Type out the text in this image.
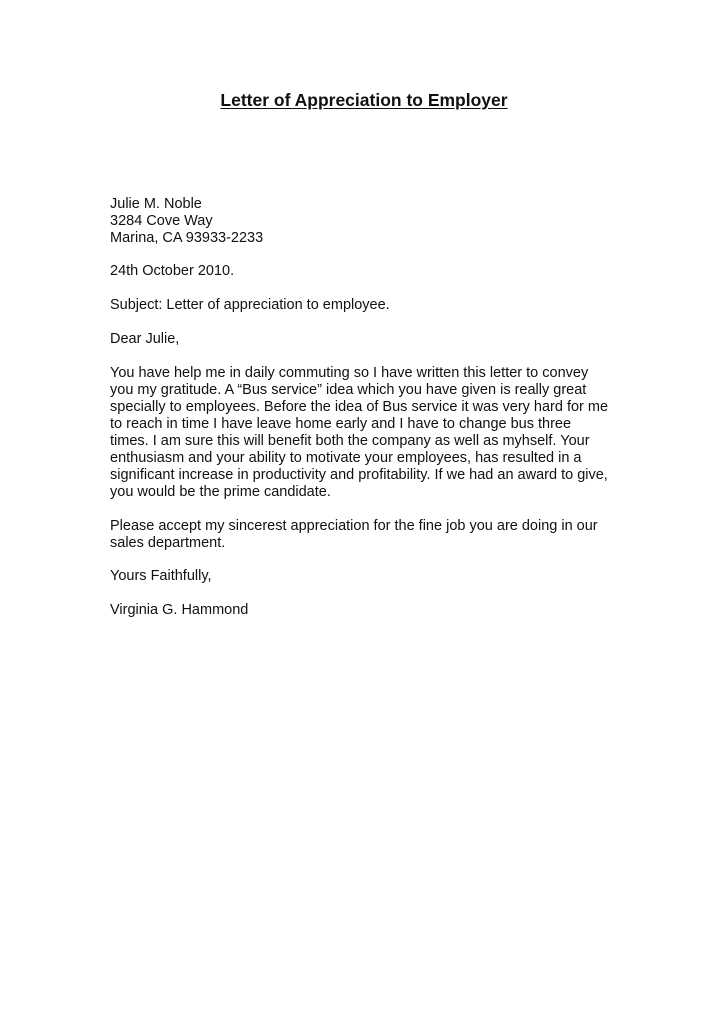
Letter of Appreciation to Employer
Julie M. Noble
3284 Cove Way
Marina, CA 93933-2233

24th October 2010.

Subject: Letter of appreciation to employee.

Dear Julie,

You have help me in daily commuting so I have written this letter to convey
you my gratitude. A “Bus service” idea which you have given is really great
specially to employees. Before the idea of Bus service it was very hard for me
to reach in time I have leave home early and I have to change bus three
times. I am sure this will benefit both the company as well as myhself. Your
enthusiasm and your ability to motivate your employees, has resulted in a
significant increase in productivity and profitability. If we had an award to give,
you would be the prime candidate.
Please accept my sincerest appreciation for the fine job you are doing in our
sales department.

Yours Faithfully,

Virginia G. Hammond
